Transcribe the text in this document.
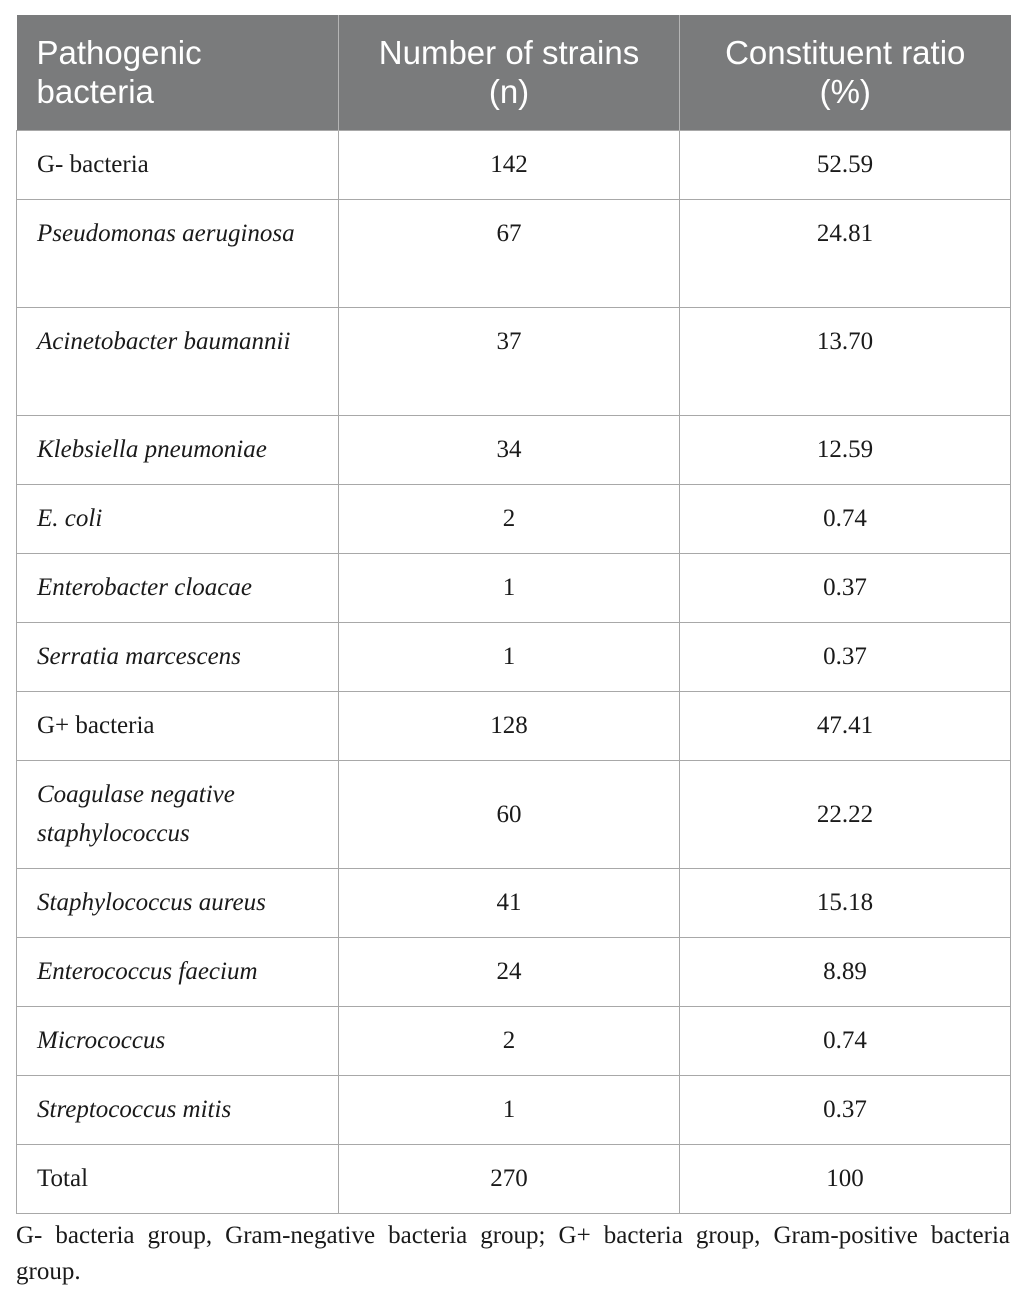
Pathogenic bacteria	Number of strains (n)	Constituent ratio (%)
G- bacteria	142	52.59
Pseudomonas aeruginosa	67	24.81
Acinetobacter baumannii	37	13.70
Klebsiella pneumoniae	34	12.59
E. coli	2	0.74
Enterobacter cloacae	1	0.37
Serratia marcescens	1	0.37
G+ bacteria	128	47.41
Coagulase negative staphylococcus	60	22.22
Staphylococcus aureus	41	15.18
Enterococcus faecium	24	8.89
Micrococcus	2	0.74
Streptococcus mitis	1	0.37
Total	270	100

G- bacteria group, Gram-negative bacteria group; G+ bacteria group, Gram-positive bacteria group.
